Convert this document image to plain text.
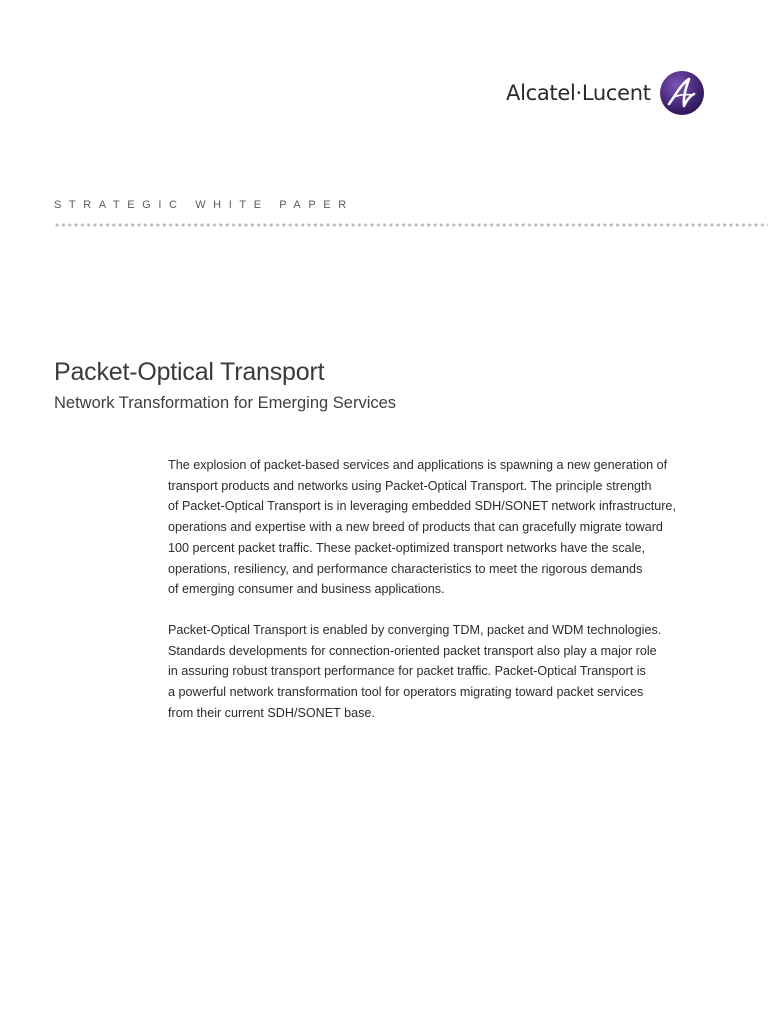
Alcatel·Lucent
STRATEGIC WHITE PAPER
Packet-Optical Transport
Network Transformation for Emerging Services

The explosion of packet-based services and applications is spawning a new generation of
transport products and networks using Packet-Optical Transport. The principle strength
of Packet-Optical Transport is in leveraging embedded SDH/SONET network infrastructure,
operations and expertise with a new breed of products that can gracefully migrate toward
100 percent packet traffic. These packet-optimized transport networks have the scale,
operations, resiliency, and performance characteristics to meet the rigorous demands
of emerging consumer and business applications.

Packet-Optical Transport is enabled by converging TDM, packet and WDM technologies.
Standards developments for connection-oriented packet transport also play a major role
in assuring robust transport performance for packet traffic. Packet-Optical Transport is
a powerful network transformation tool for operators migrating toward packet services
from their current SDH/SONET base.
